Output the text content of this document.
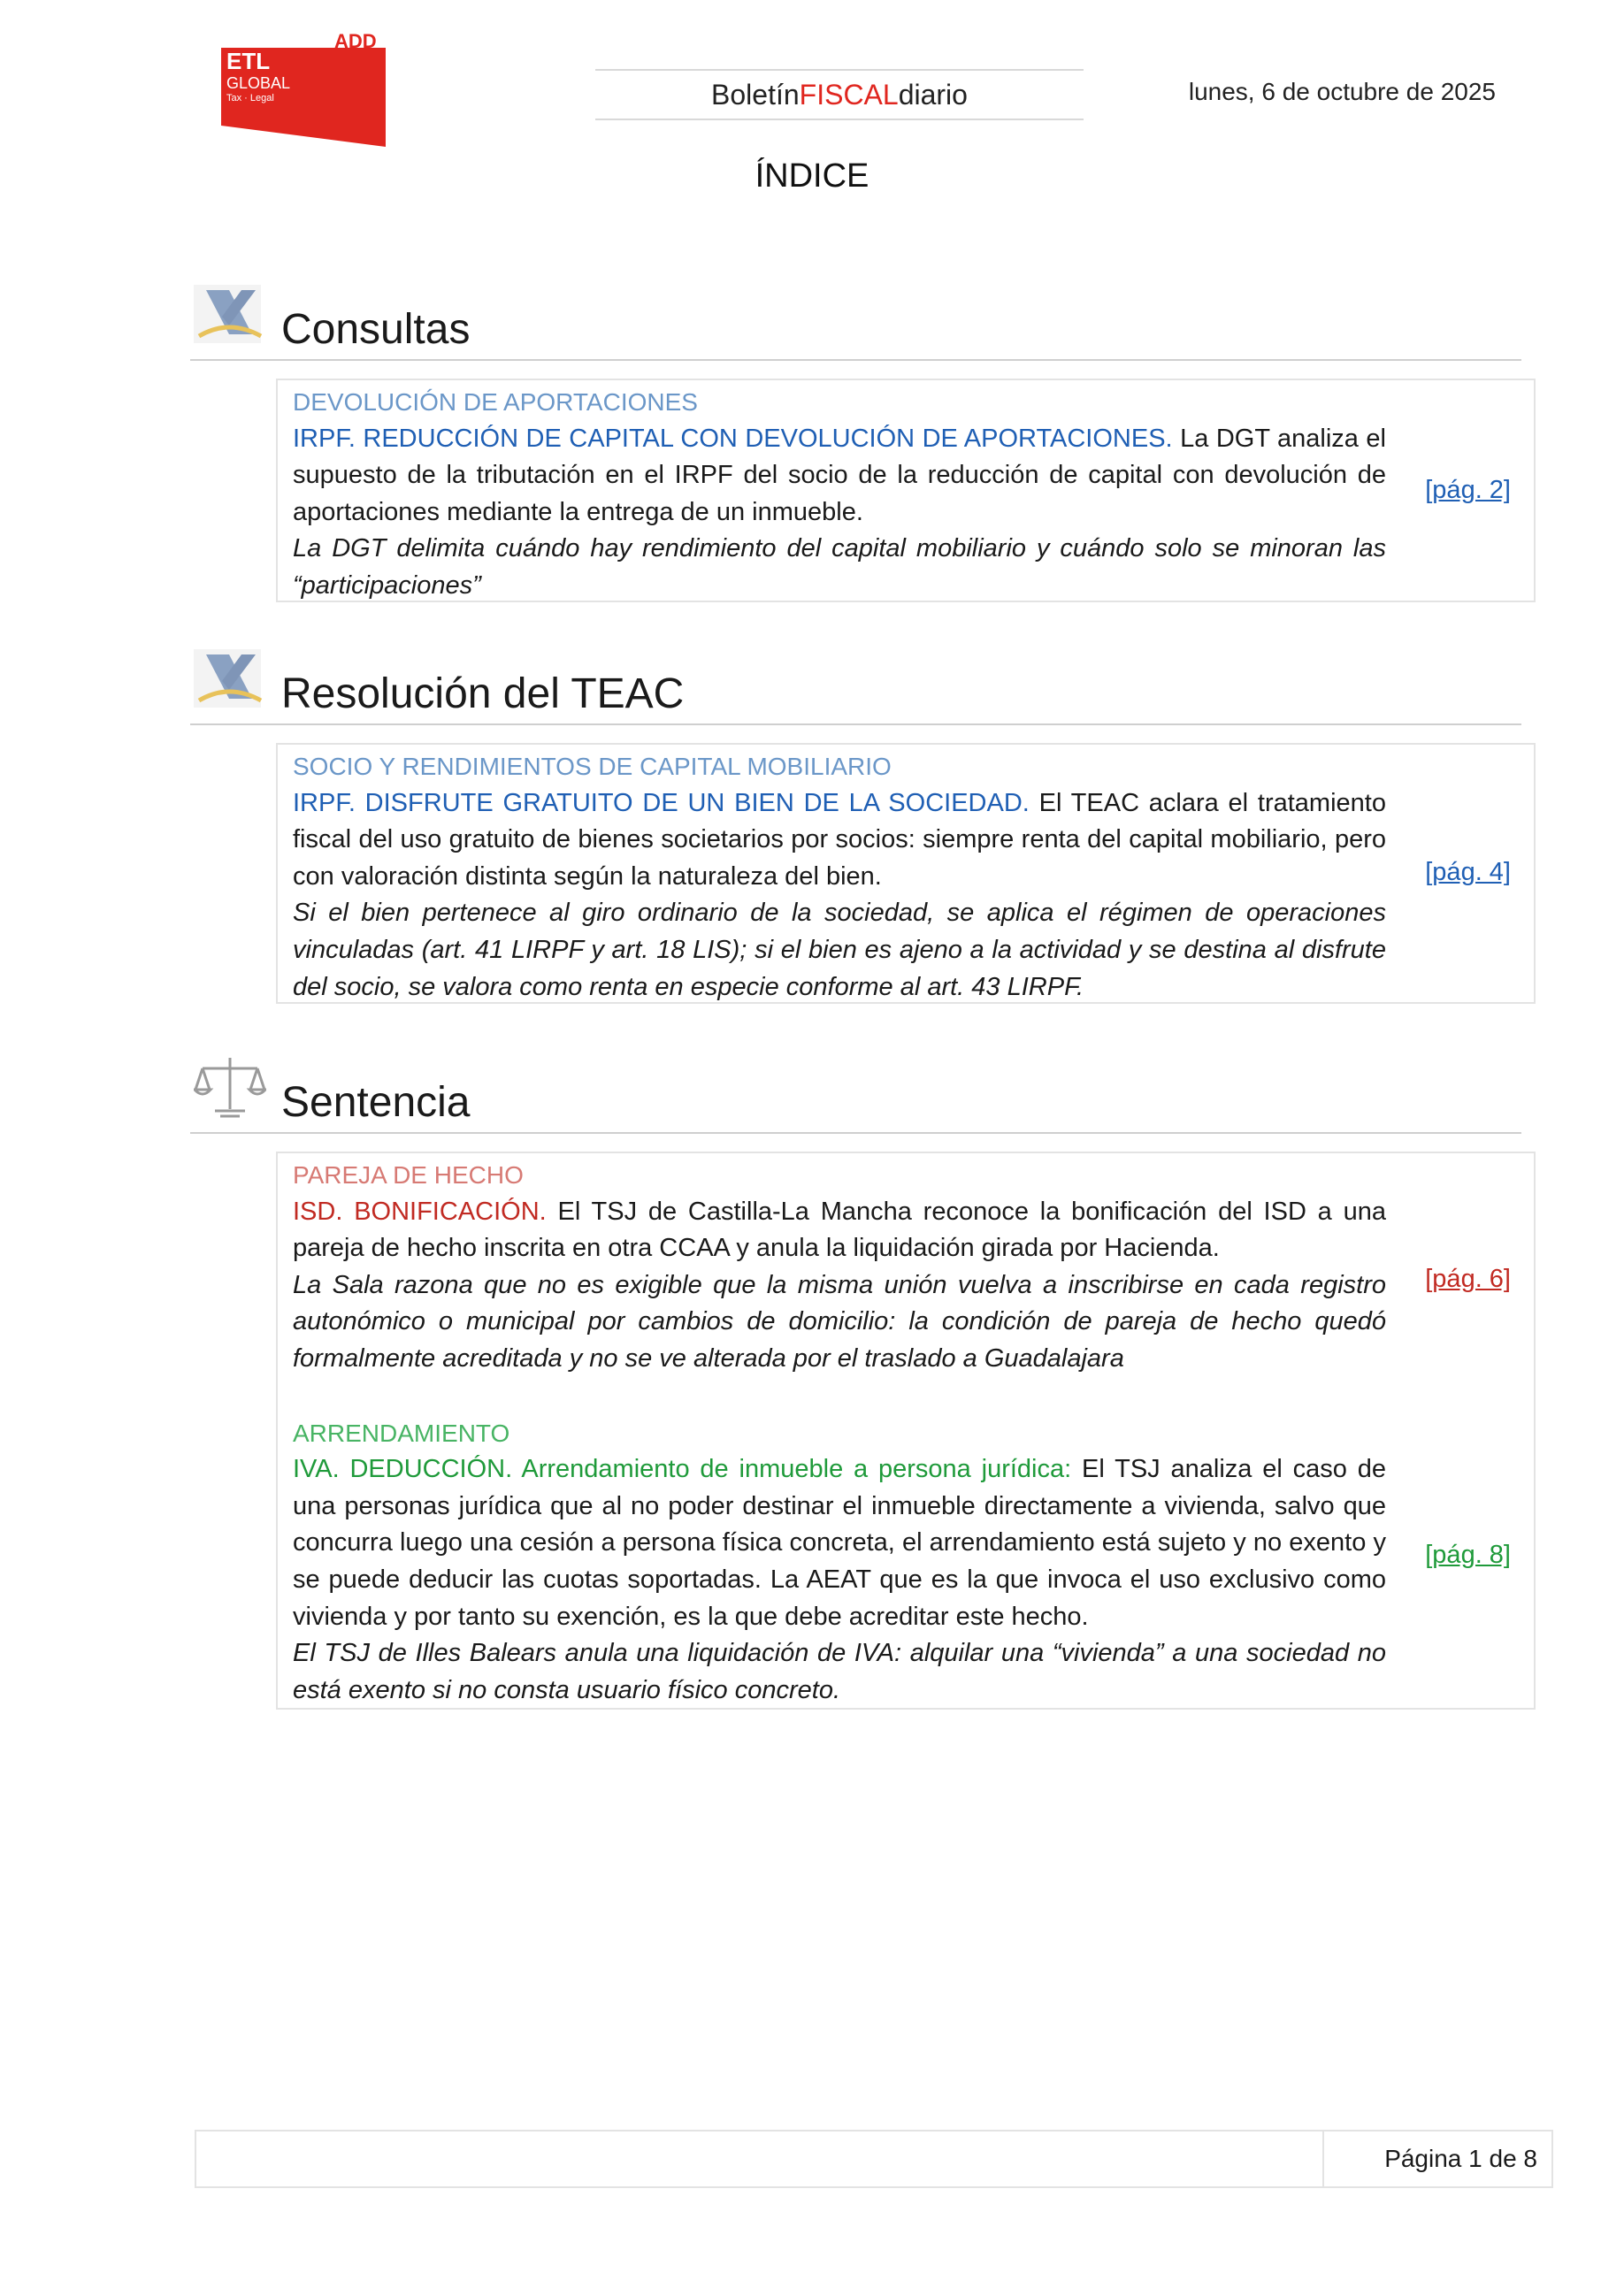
ADD
ETL
GLOBAL
Tax · Legal	Boletín FISCAL diario	lunes, 6 de octubre de 2025
ÍNDICE
Consultas

DEVOLUCIÓN DE APORTACIONES

IRPF. REDUCCIÓN DE CAPITAL CON DEVOLUCIÓN DE APORTACIONES. La DGT analiza el supuesto de la tributación en el IRPF del socio de la reducción de capital con devolución de aportaciones mediante la entrega de un inmueble.

La DGT delimita cuándo hay rendimiento del capital mobiliario y cuándo solo se minoran las “participaciones”

[pág. 2]
Resolución del TEAC

SOCIO Y RENDIMIENTOS DE CAPITAL MOBILIARIO

IRPF. DISFRUTE GRATUITO DE UN BIEN DE LA SOCIEDAD. El TEAC aclara el tratamiento fiscal del uso gratuito de bienes societarios por socios: siempre renta del capital mobiliario, pero con valoración distinta según la naturaleza del bien.

Si el bien pertenece al giro ordinario de la sociedad, se aplica el régimen de operaciones vinculadas (art. 41 LIRPF y art. 18 LIS); si el bien es ajeno a la actividad y se destina al disfrute del socio, se valora como renta en especie conforme al art. 43 LIRPF.

[pág. 4]
Sentencia

PAREJA DE HECHO

ISD. BONIFICACIÓN. El TSJ de Castilla-La Mancha reconoce la bonificación del ISD a una pareja de hecho inscrita en otra CCAA y anula la liquidación girada por Hacienda.

La Sala razona que no es exigible que la misma unión vuelva a inscribirse en cada registro autonómico o municipal por cambios de domicilio: la condición de pareja de hecho quedó formalmente acreditada y no se ve alterada por el traslado a Guadalajara

ARRENDAMIENTO

IVA. DEDUCCIÓN. Arrendamiento de inmueble a persona jurídica: El TSJ analiza el caso de una personas jurídica que al no poder destinar el inmueble directamente a vivienda, salvo que concurra luego una cesión a persona física concreta, el arrendamiento está sujeto y no exento y se puede deducir las cuotas soportadas. La AEAT que es la que invoca el uso exclusivo como vivienda y por tanto su exención, es la que debe acreditar este hecho.

El TSJ de Illes Balears anula una liquidación de IVA: alquilar una “vivienda” a una sociedad no está exento si no consta usuario físico concreto.

[pág. 6]
[pág. 8]
Página 1 de 8
